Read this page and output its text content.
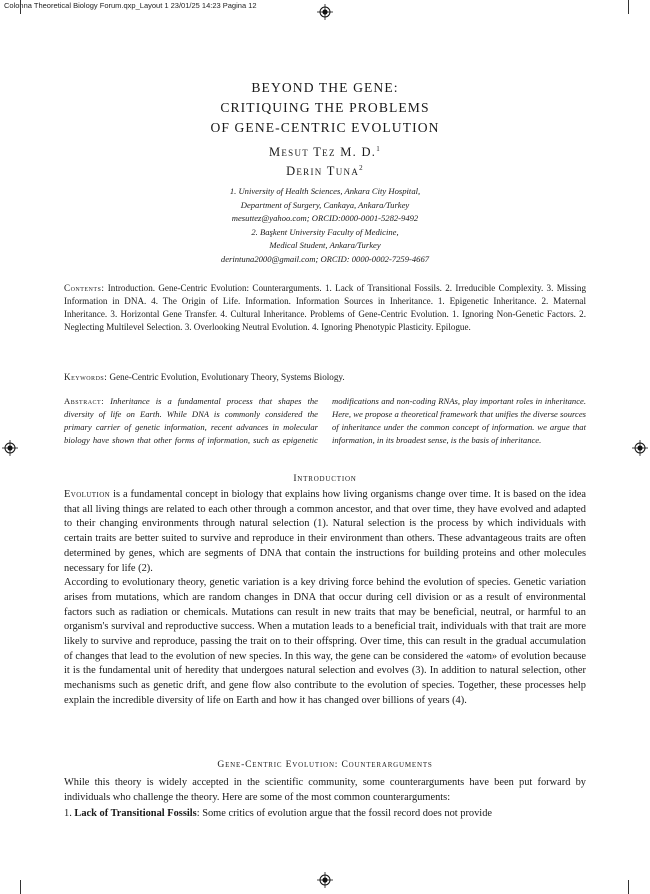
Colonna Theoretical Biology Forum.qxp_Layout 1 23/01/25 14:23 Pagina 12
BEYOND THE GENE:
CRITIQUING THE PROBLEMS
OF GENE-CENTRIC EVOLUTION
Mesut Tez M. D.$^1$
Derin Tuna$^2$
1. University of Health Sciences, Ankara City Hospital,
Department of Surgery, Cankaya, Ankara/Turkey
mesuttez@yahoo.com; ORCID:0000-0001-5282-9492
2. Başkent University Faculty of Medicine,
Medical Student, Ankara/Turkey
derintuna2000@gmail.com; ORCID: 0000-0002-7259-4667
Contents: Introduction. Gene-Centric Evolution: Counterarguments. 1. Lack of Transitional Fossils. 2. Irreducible Complexity. 3. Missing Information in DNA. 4. The Origin of Life. Information. Information Sources in Inheritance. 1. Epigenetic Inheritance. 2. Maternal Inheritance. 3. Horizontal Gene Transfer. 4. Cultural Inheritance. Problems of Gene-Centric Evolution. 1. Ignoring Non-Genetic Factors. 2. Neglecting Multilevel Selection. 3. Overlooking Neutral Evolution. 4. Ignoring Phenotypic Plasticity. Epilogue.
Keywords: Gene-Centric Evolution, Evolutionary Theory, Systems Biology.
Abstract: Inheritance is a fundamental process that shapes the diversity of life on Earth. While DNA is commonly considered the primary carrier of genetic information, recent advances in molecular biology have shown that other forms of information, such as epigenetic modifications and non-coding RNAs, play important roles in inheritance. Here, we propose a theoretical framework that unifies the diverse sources of inheritance under the common concept of information. we argue that information, in its broadest sense, is the basis of inheritance.
Introduction

Evolution is a fundamental concept in biology that explains how living organisms change over time. It is based on the idea that all living things are related to each other through a common ancestor, and that over time, they have evolved and adapted to their changing environments through natural selection (1). Natural selection is the process by which individuals with certain traits are better suited to survive and reproduce in their environment than others. These advantageous traits are often determined by genes, which are segments of DNA that contain the instructions for building proteins and other molecules necessary for life (2).

According to evolutionary theory, genetic variation is a key driving force behind the evolution of species. Genetic variation arises from mutations, which are random changes in DNA that occur during cell division or as a result of environmental factors such as radiation or chemicals. Mutations can result in new traits that may be beneficial, neutral, or harmful to an organism's survival and reproductive success. When a mutation leads to a beneficial trait, individuals with that trait are more likely to survive and reproduce, passing the trait on to their offspring. Over time, this can result in the gradual accumulation of changes that lead to the evolution of new species. In this way, the gene can be considered the «atom» of evolution because it is the fundamental unit of heredity that undergoes natural selection and evolves (3). In addition to natural selection, other mechanisms such as genetic drift, and gene flow also contribute to the evolution of species. Together, these processes help explain the incredible diversity of life on Earth and how it has changed over billions of years (4).

Gene-Centric Evolution: Counterarguments

While this theory is widely accepted in the scientific community, some counterarguments have been put forward by individuals who challenge the theory. Here are some of the most common counterarguments:

1. Lack of Transitional Fossils: Some critics of evolution argue that the fossil record does not provide
